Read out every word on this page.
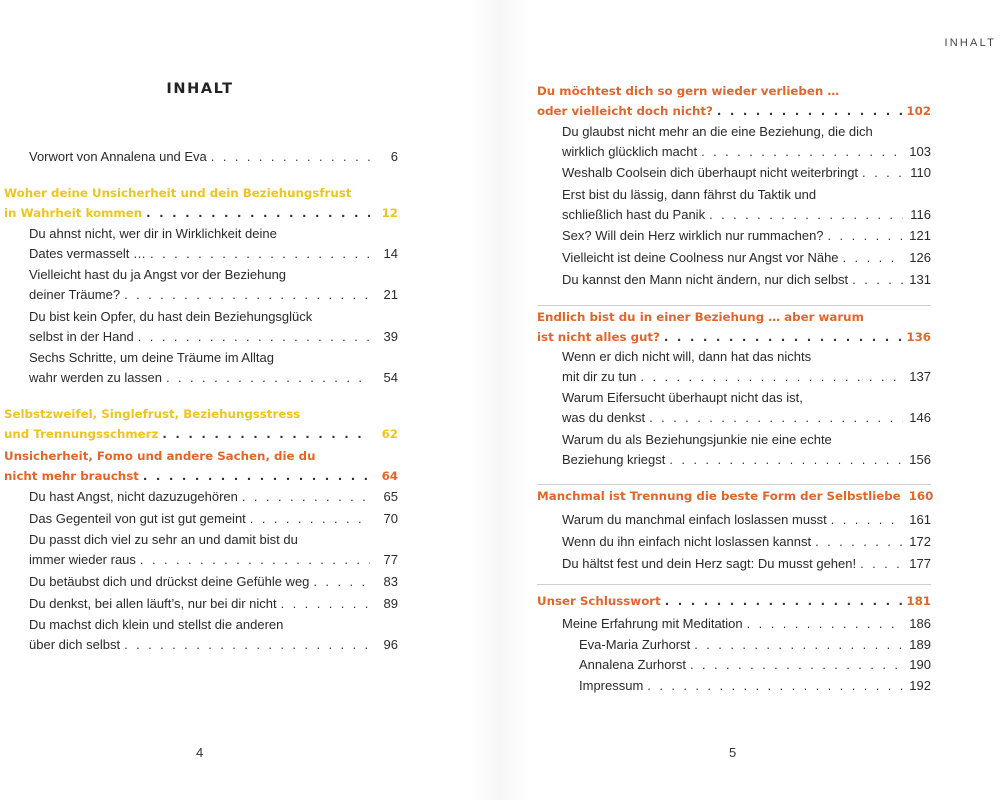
INHALT
INHALT
Vorwort von Annalena und Eva . . .	6
Woher deine Unsicherheit und dein Beziehungsfrust
in Wahrheit kommen . . .	12
Du ahnst nicht, wer dir in Wirklichkeit deine
Dates vermasselt … . . .	14
Vielleicht hast du ja Angst vor der Beziehung
deiner Träume? . . .	21
Du bist kein Opfer, du hast dein Beziehungsglück
selbst in der Hand . . .	39
Sechs Schritte, um deine Träume im Alltag
wahr werden zu lassen . . .	54
Selbstzweifel, Singlefrust, Beziehungsstress
und Trennungsschmerz . . .	62
Unsicherheit, Fomo und andere Sachen, die du
nicht mehr brauchst . . .	64
Du hast Angst, nicht dazuzugehören . . .	65
Das Gegenteil von gut ist gut gemeint . . .	70
Du passt dich viel zu sehr an und damit bist du
immer wieder raus . . .	77
Du betäubst dich und drückst deine Gefühle weg . . .	83
Du denkst, bei allen läuft’s, nur bei dir nicht . . .	89
Du machst dich klein und stellst die anderen
über dich selbst . . .	96
Du möchtest dich so gern wieder verlieben …
oder vielleicht doch nicht? . . .	102
Du glaubst nicht mehr an die eine Beziehung, die dich
wirklich glücklich macht . . .	103
Weshalb Coolsein dich überhaupt nicht weiterbringt . . .	110
Erst bist du lässig, dann fährst du Taktik und
schließlich hast du Panik . . .	116
Sex? Will dein Herz wirklich nur rummachen? . . .	121
Vielleicht ist deine Coolness nur Angst vor Nähe . . .	126
Du kannst den Mann nicht ändern, nur dich selbst . . .	131
Endlich bist du in einer Beziehung … aber warum
ist nicht alles gut? . . .	136
Wenn er dich nicht will, dann hat das nichts
mit dir zu tun . . .	137
Warum Eifersucht überhaupt nicht das ist,
was du denkst . . .	146
Warum du als Beziehungsjunkie nie eine echte
Beziehung kriegst . . .	156
Manchmal ist Trennung die beste Form der Selbstliebe 160
Warum du manchmal einfach loslassen musst . . .	161
Wenn du ihn einfach nicht loslassen kannst . . .	172
Du hältst fest und dein Herz sagt: Du musst gehen! . . .	177
Unser Schlusswort . . .	181
Meine Erfahrung mit Meditation . . .	186
Eva-Maria Zurhorst . . .	189
Annalena Zurhorst . . .	190
Impressum . . .	192
4	5
